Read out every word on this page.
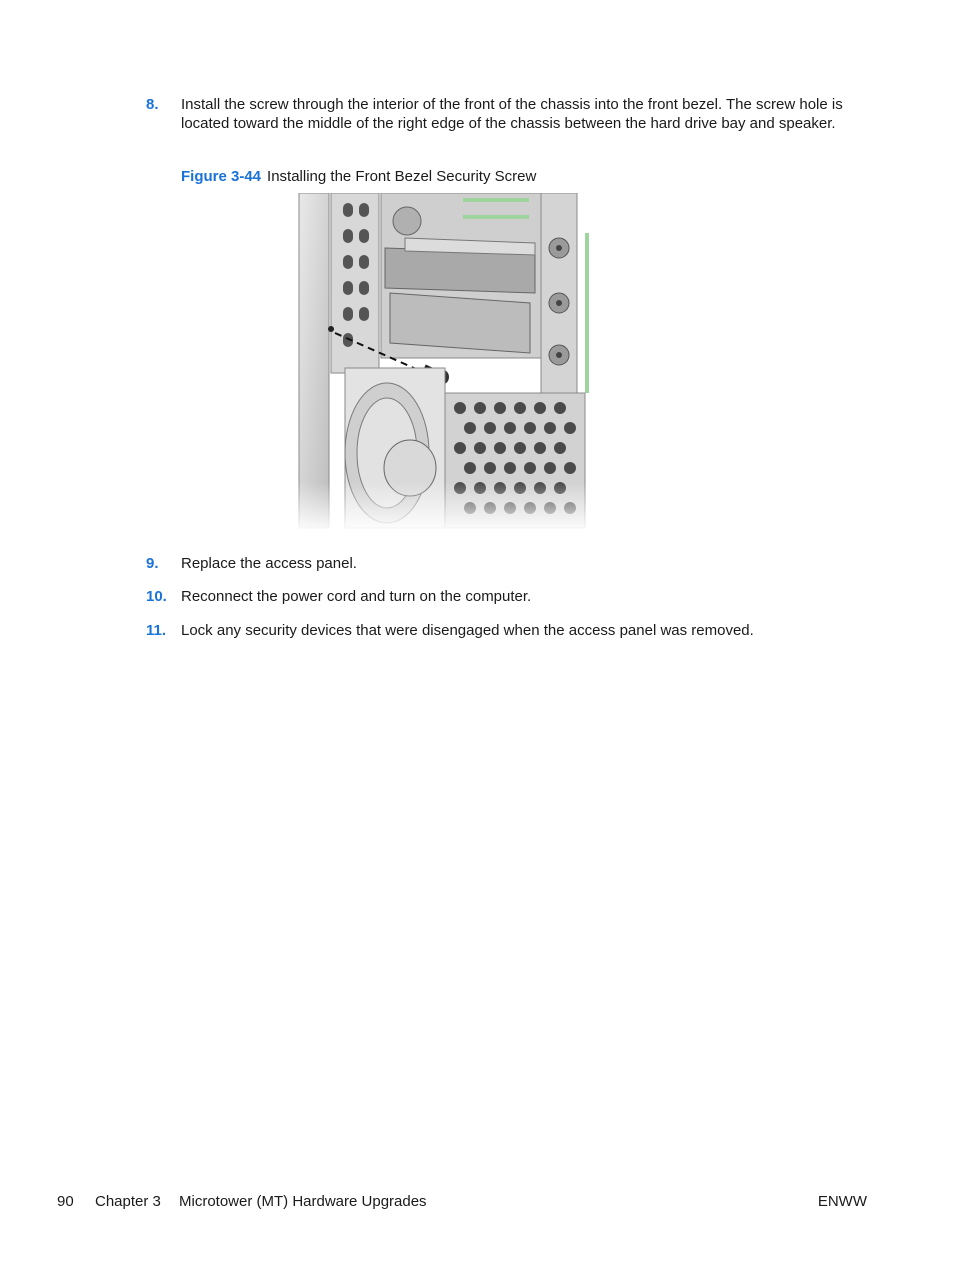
8. Install the screw through the interior of the front of the chassis into the front bezel. The screw hole is located toward the middle of the right edge of the chassis between the hard drive bay and speaker.
Figure 3-44 Installing the Front Bezel Security Screw
9. Replace the access panel.
10. Reconnect the power cord and turn on the computer.
11. Lock any security devices that were disengaged when the access panel was removed.
90 Chapter 3 Microtower (MT) Hardware Upgrades	ENWW
